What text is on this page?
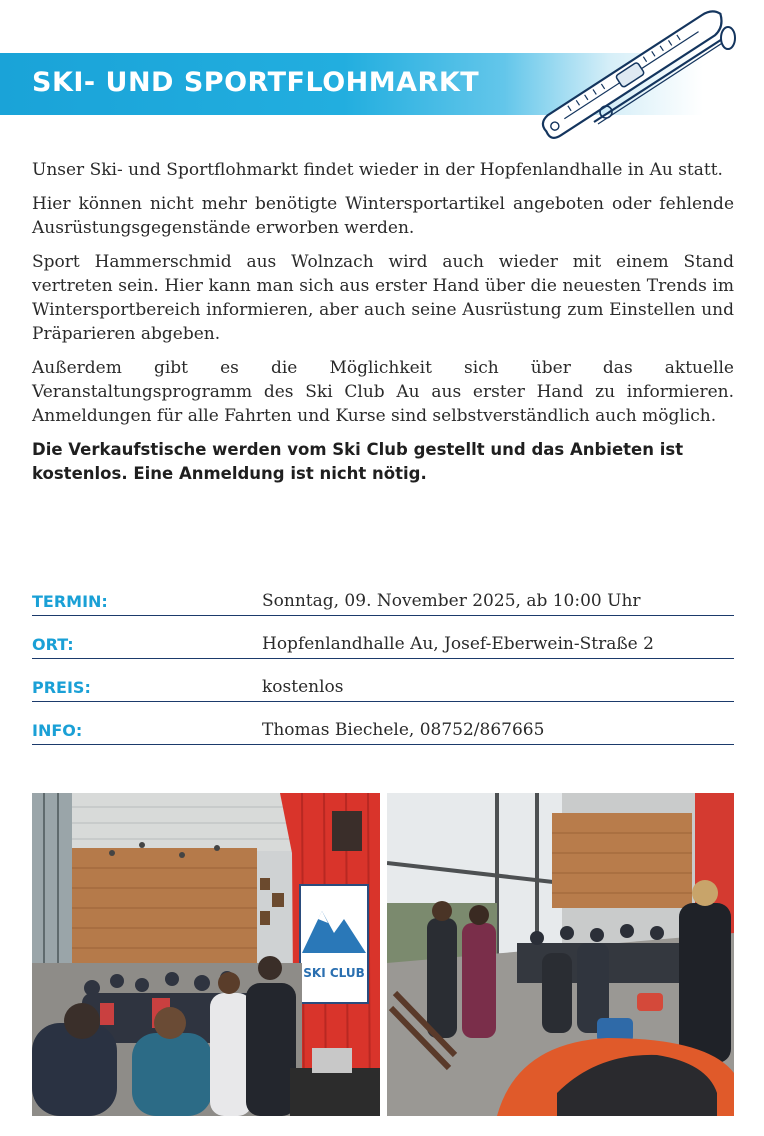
SKI- UND SPORTFLOHMARKT

Unser Ski- und Sportflohmarkt findet wieder in der Hopfenlandhalle in Au statt.

Hier können nicht mehr benötigte Wintersportartikel angeboten oder fehlende Ausrüstungsgegenstände erworben werden.

Sport Hammerschmid aus Wolnzach wird auch wieder mit einem Stand vertreten sein. Hier kann man sich aus erster Hand über die neuesten Trends im Wintersportbereich informieren, aber auch seine Ausrüstung zum Einstellen und Präparieren abgeben.

Außerdem gibt es die Möglichkeit sich über das aktuelle Veranstaltungsprogramm des Ski Club Au aus erster Hand zu informieren. Anmeldungen für alle Fahrten und Kurse sind selbstverständlich auch möglich.

Die Verkaufstische werden vom Ski Club gestellt und das Anbieten ist kostenlos. Eine Anmeldung ist nicht nötig.

TERMIN:	Sonntag, 09. November 2025, ab 10:00 Uhr
ORT:	Hopfenlandhalle Au, Josef-Eberwein-Straße 2
PREIS:	kostenlos
INFO:	Thomas Biechele, 08752/867665
SKI CLUB
